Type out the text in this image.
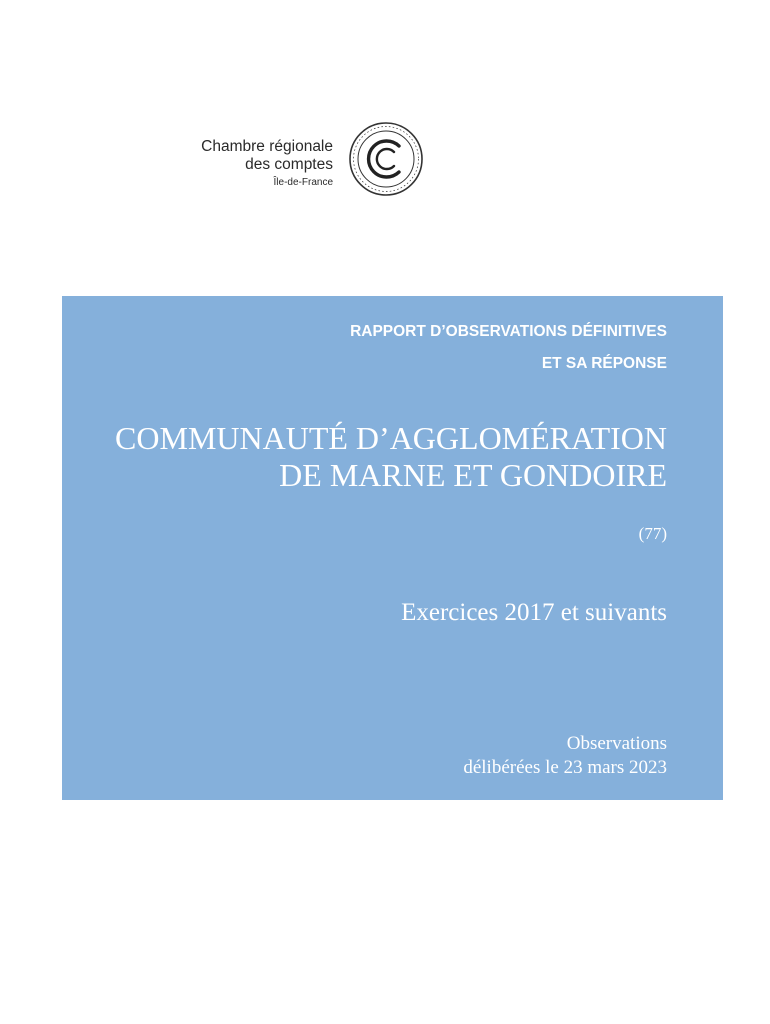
Chambre régionale
des comptes
Île-de-France
RAPPORT D’OBSERVATIONS DÉFINITIVES
ET SA RÉPONSE
COMMUNAUTÉ D’AGGLOMÉRATION
DE MARNE ET GONDOIRE
(77)
Exercices 2017 et suivants
Observations
délibérées le 23 mars 2023
